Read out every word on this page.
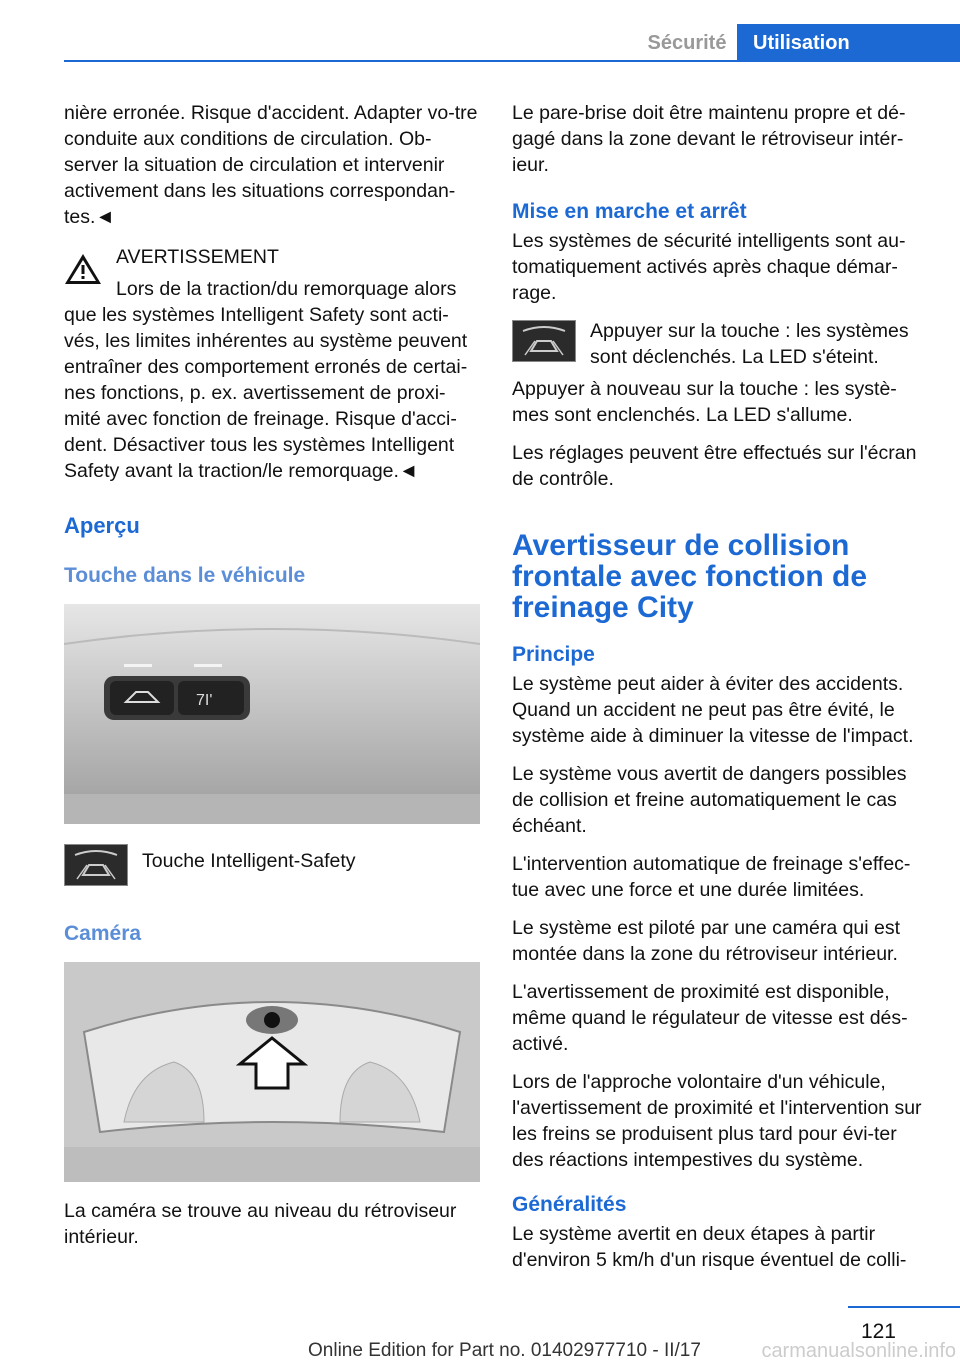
Sécurité	Utilisation

nière erronée. Risque d'accident. Adapter vo-tre conduite aux conditions de circulation. Ob-server la situation de circulation et intervenir activement dans les situations correspondan-tes.◄

AVERTISSEMENT
Lors de la traction/du remorquage alors que les systèmes Intelligent Safety sont acti-vés, les limites inhérentes au système peuvent entraîner des comportement erronés de certai-nes fonctions, p. ex. avertissement de proxi-mité avec fonction de freinage. Risque d'acci-dent. Désactiver tous les systèmes Intelligent Safety avant la traction/le remorquage.◄
Aperçu
Touche dans le véhicule
7I'
Touche Intelligent-Safety
Caméra

La caméra se trouve au niveau du rétroviseur intérieur.

Le pare-brise doit être maintenu propre et dé-gagé dans la zone devant le rétroviseur intér-ieur.

Mise en marche et arrêt

Les systèmes de sécurité intelligents sont au-tomatiquement activés après chaque démar-rage.

Appuyer sur la touche : les systèmes sont déclenchés. La LED s'éteint.

Appuyer à nouveau sur la touche : les systè-mes sont enclenchés. La LED s'allume.

Les réglages peuvent être effectués sur l'écran de contrôle.

Avertisseur de collision frontale avec fonction de freinage City
Principe

Le système peut aider à éviter des accidents. Quand un accident ne peut pas être évité, le système aide à diminuer la vitesse de l'impact.

Le système vous avertit de dangers possibles de collision et freine automatiquement le cas échéant.

L'intervention automatique de freinage s'effec-tue avec une force et une durée limitées.

Le système est piloté par une caméra qui est montée dans la zone du rétroviseur intérieur.

L'avertissement de proximité est disponible, même quand le régulateur de vitesse est dés-activé.

Lors de l'approche volontaire d'un véhicule, l'avertissement de proximité et l'intervention sur les freins se produisent plus tard pour évi-ter des réactions intempestives du système.

Généralités

Le système avertit en deux étapes à partir d'environ 5 km/h d'un risque éventuel de colli-

121
Online Edition for Part no. 01402977710 - II/17	carmanualsonline.info
